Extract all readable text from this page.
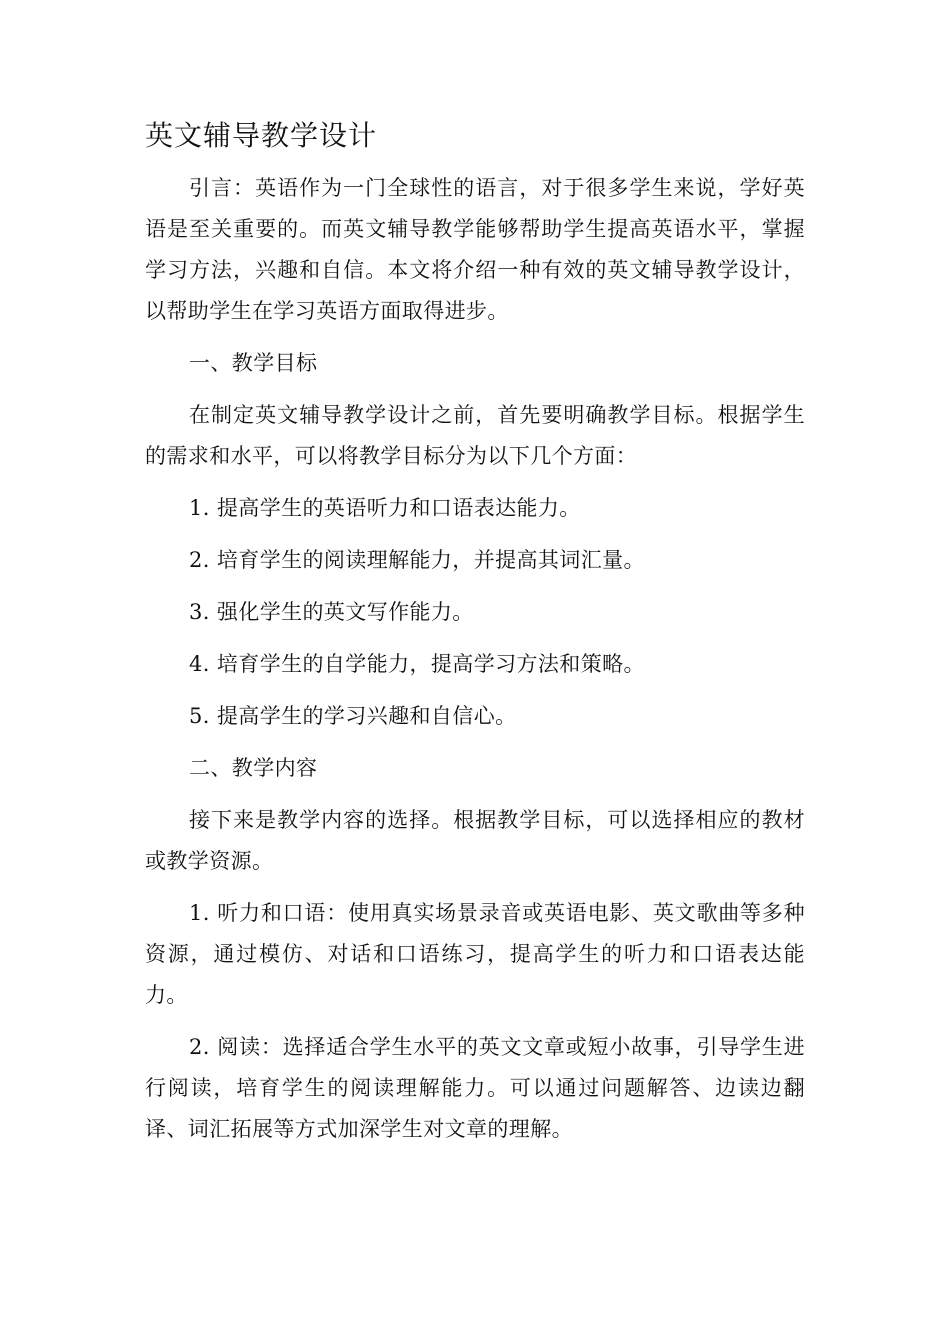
英文辅导教学设计

引言：英语作为一门全球性的语言，对于很多学生来说，学好英语是至关重要的。而英文辅导教学能够帮助学生提高英语水平，掌握学习方法，兴趣和自信。本文将介绍一种有效的英文辅导教学设计，以帮助学生在学习英语方面取得进步。

一、教学目标

在制定英文辅导教学设计之前，首先要明确教学目标。根据学生的需求和水平，可以将教学目标分为以下几个方面：

1. 提高学生的英语听力和口语表达能力。

2. 培育学生的阅读理解能力，并提高其词汇量。

3. 强化学生的英文写作能力。

4. 培育学生的自学能力，提高学习方法和策略。

5. 提高学生的学习兴趣和自信心。

二、教学内容

接下来是教学内容的选择。根据教学目标，可以选择相应的教材或教学资源。

1. 听力和口语：使用真实场景录音或英语电影、英文歌曲等多种资源，通过模仿、对话和口语练习，提高学生的听力和口语表达能力。

2. 阅读：选择适合学生水平的英文文章或短小故事，引导学生进行阅读，培育学生的阅读理解能力。可以通过问题解答、边读边翻译、词汇拓展等方式加深学生对文章的理解。
